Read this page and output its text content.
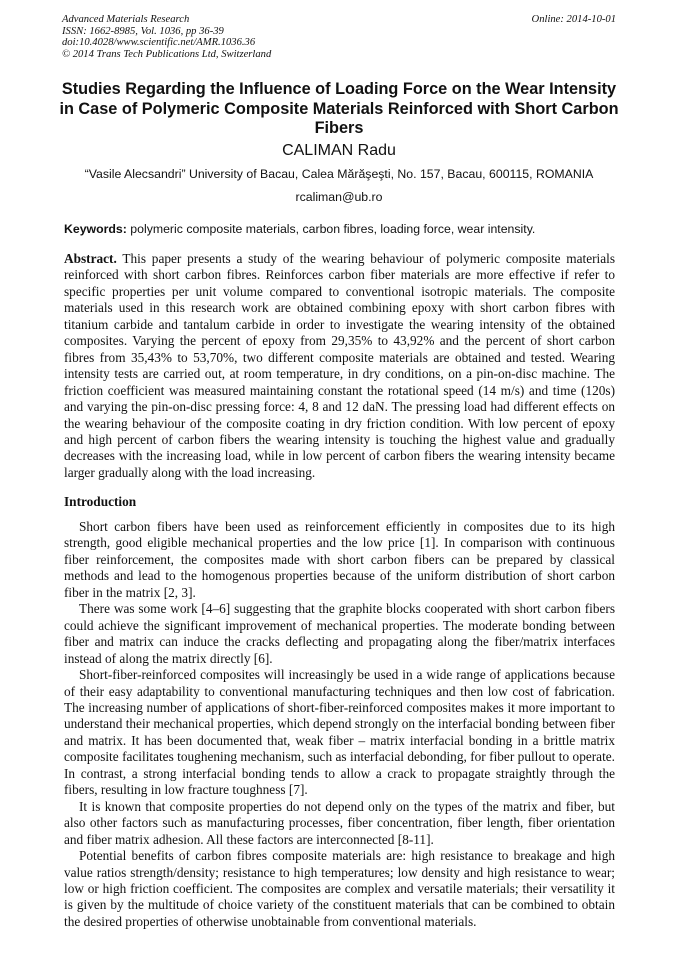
Advanced Materials Research
ISSN: 1662-8985, Vol. 1036, pp 36-39
doi:10.4028/www.scientific.net/AMR.1036.36
© 2014 Trans Tech Publications Ltd, Switzerland
Online: 2014-10-01
Studies Regarding the Influence of Loading Force on the Wear Intensity in Case of Polymeric Composite Materials Reinforced with Short Carbon Fibers
CALIMAN Radu
“Vasile Alecsandri” University of Bacau, Calea Mărăşeşti, No. 157, Bacau, 600115, ROMANIA
rcaliman@ub.ro
Keywords: polymeric composite materials, carbon fibres, loading force, wear intensity.

Abstract. This paper presents a study of the wearing behaviour of polymeric composite materials reinforced with short carbon fibres. Reinforces carbon fiber materials are more effective if refer to specific properties per unit volume compared to conventional isotropic materials. The composite materials used in this research work are obtained combining epoxy with short carbon fibres with titanium carbide and tantalum carbide in order to investigate the wearing intensity of the obtained composites. Varying the percent of epoxy from 29,35% to 43,92% and the percent of short carbon fibres from 35,43% to 53,70%, two different composite materials are obtained and tested. Wearing intensity tests are carried out, at room temperature, in dry conditions, on a pin-on-disc machine. The friction coefficient was measured maintaining constant the rotational speed (14 m/s) and time (120s) and varying the pin-on-disc pressing force: 4, 8 and 12 daN. The pressing load had different effects on the wearing behaviour of the composite coating in dry friction condition. With low percent of epoxy and high percent of carbon fibers the wearing intensity is touching the highest value and gradually decreases with the increasing load, while in low percent of carbon fibers the wearing intensity became larger gradually along with the load increasing.

Introduction

Short carbon fibers have been used as reinforcement efficiently in composites due to its high strength, good eligible mechanical properties and the low price [1]. In comparison with continuous fiber reinforcement, the composites made with short carbon fibers can be prepared by classical methods and lead to the homogenous properties because of the uniform distribution of short carbon fiber in the matrix [2, 3].

There was some work [4–6] suggesting that the graphite blocks cooperated with short carbon fibers could achieve the significant improvement of mechanical properties. The moderate bonding between fiber and matrix can induce the cracks deflecting and propagating along the fiber/matrix interfaces instead of along the matrix directly [6].

Short-fiber-reinforced composites will increasingly be used in a wide range of applications because of their easy adaptability to conventional manufacturing techniques and then low cost of fabrication. The increasing number of applications of short-fiber-reinforced composites makes it more important to understand their mechanical properties, which depend strongly on the interfacial bonding between fiber and matrix. It has been documented that, weak fiber – matrix interfacial bonding in a brittle matrix composite facilitates toughening mechanism, such as interfacial debonding, for fiber pullout to operate. In contrast, a strong interfacial bonding tends to allow a crack to propagate straightly through the fibers, resulting in low fracture toughness [7].

It is known that composite properties do not depend only on the types of the matrix and fiber, but also other factors such as manufacturing processes, fiber concentration, fiber length, fiber orientation and fiber matrix adhesion. All these factors are interconnected [8-11].

Potential benefits of carbon fibres composite materials are: high resistance to breakage and high value ratios strength/density; resistance to high temperatures; low density and high resistance to wear; low or high friction coefficient. The composites are complex and versatile materials; their versatility it is given by the multitude of choice variety of the constituent materials that can be combined to obtain the desired properties of otherwise unobtainable from conventional materials.
